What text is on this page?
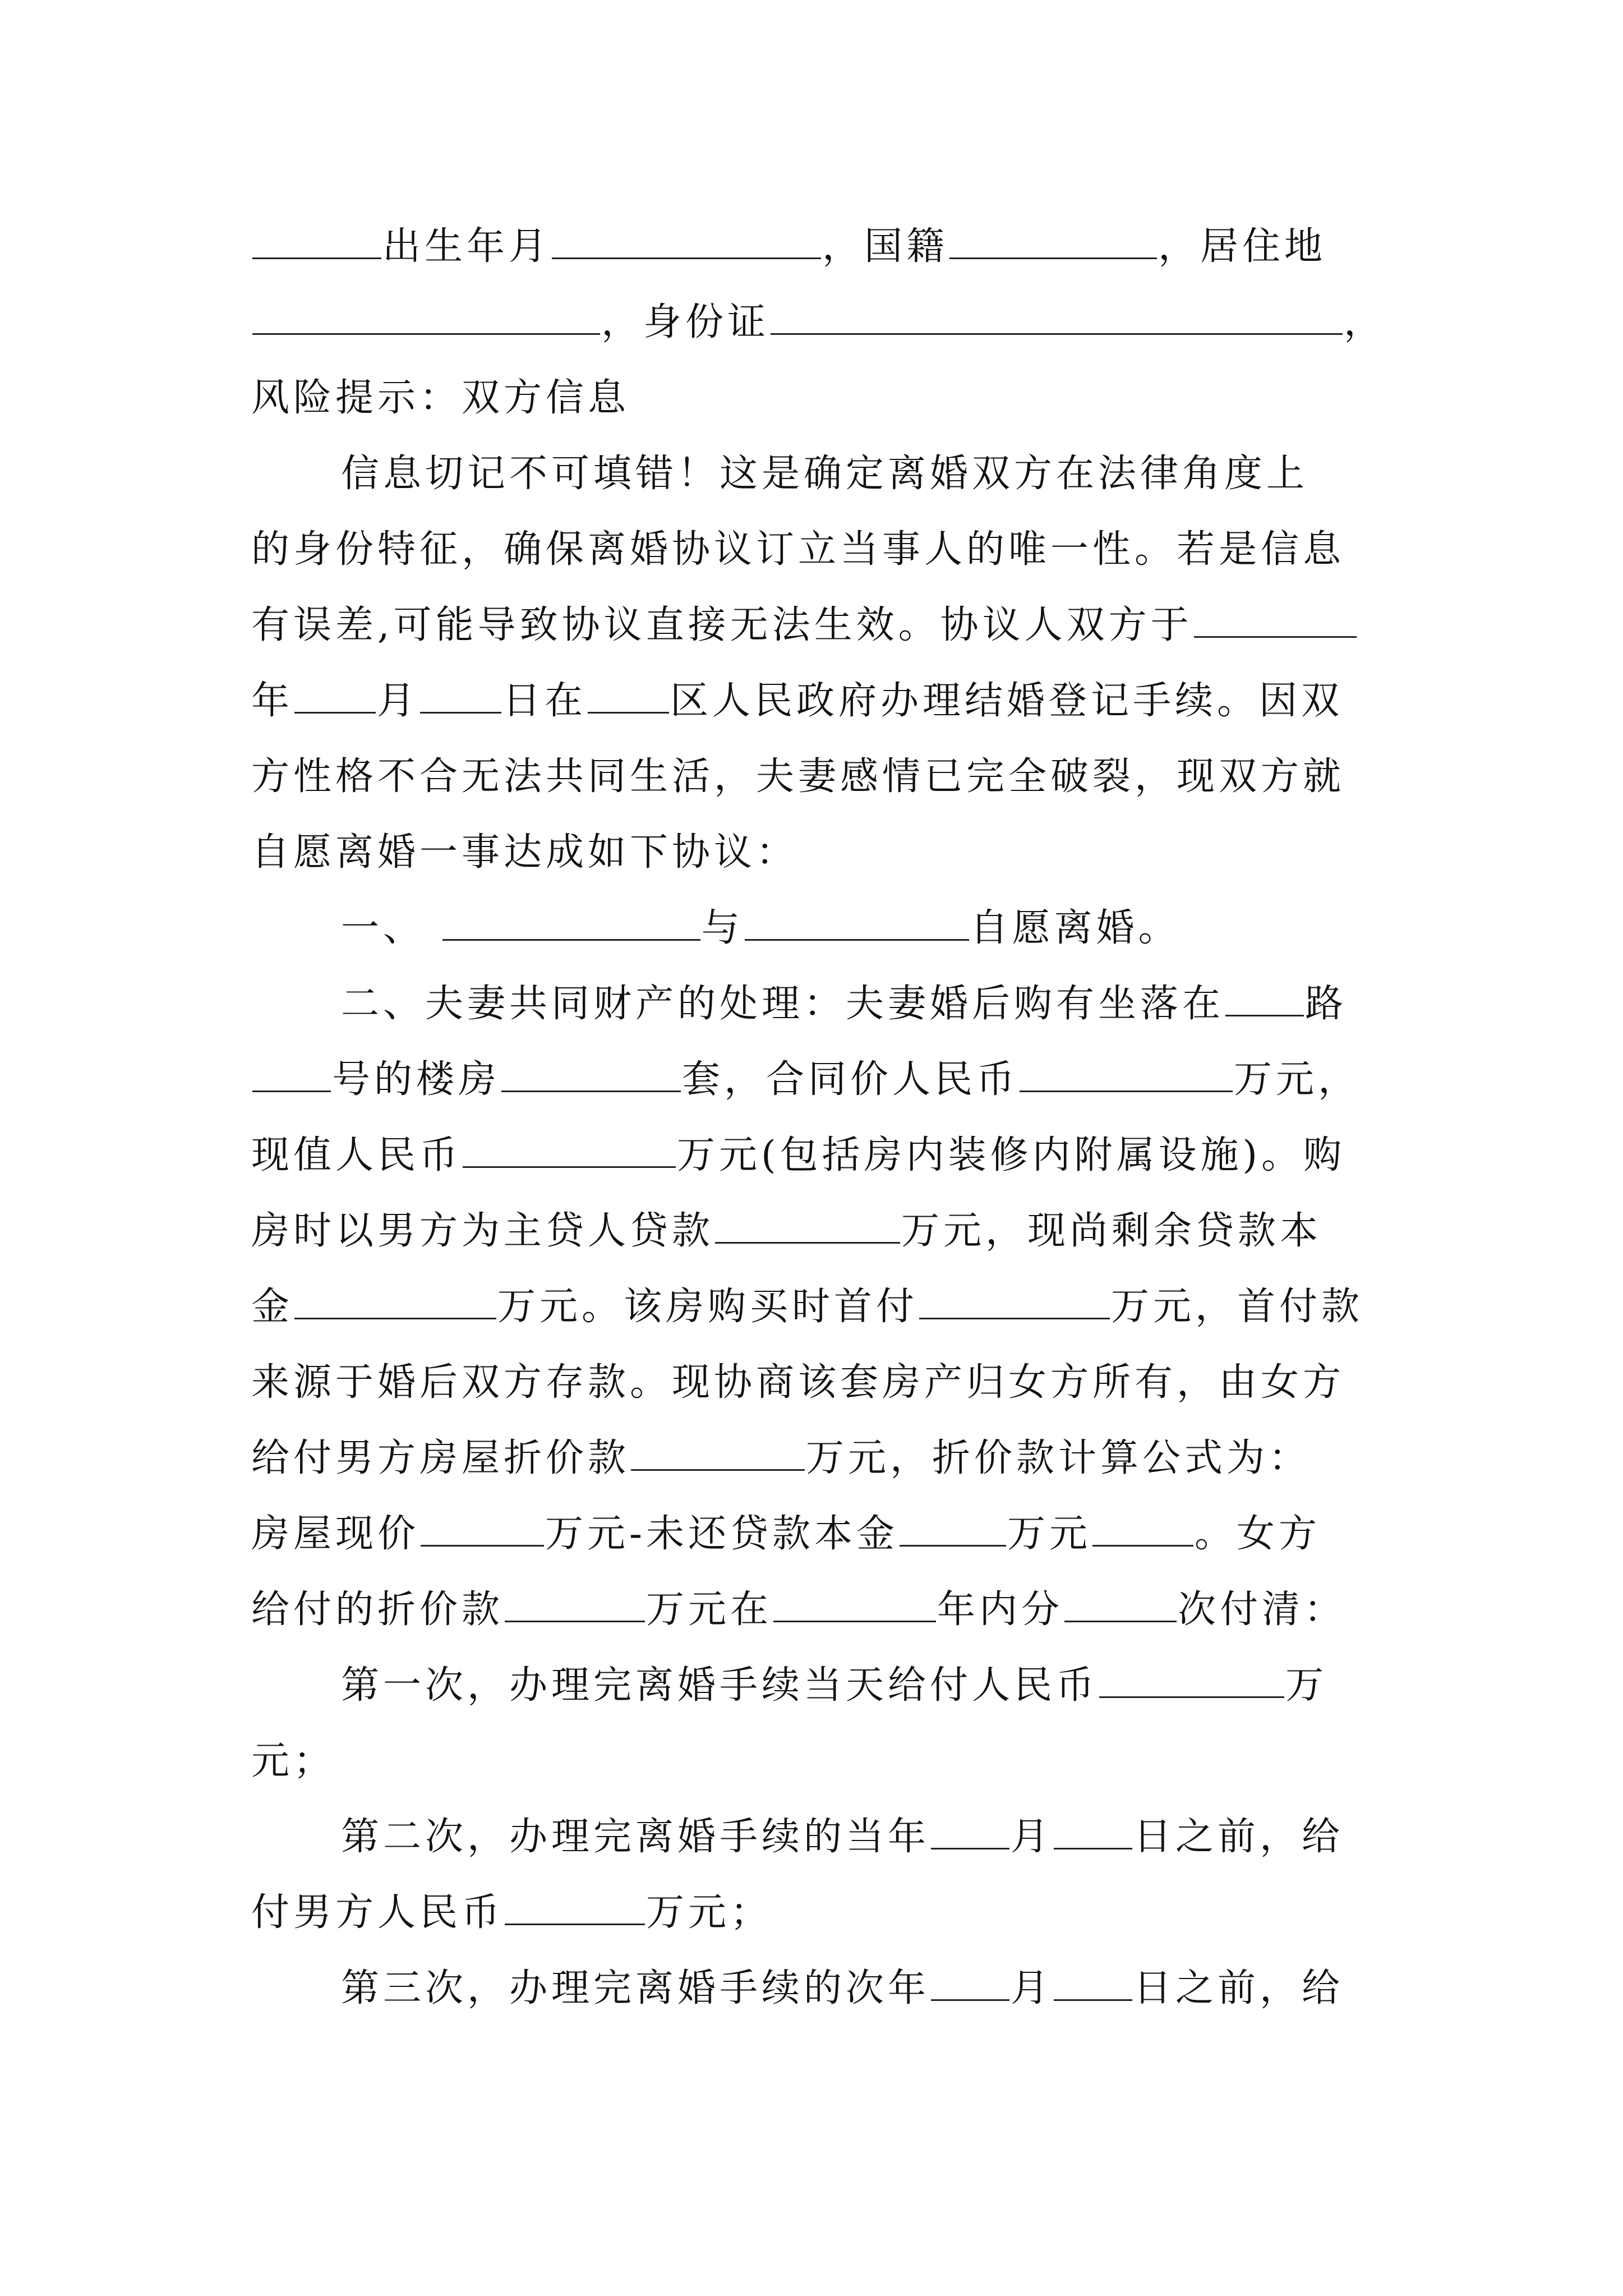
出生年月	，国籍	，居住地
，身份证	，
风险提示：双方信息
信息切记不可填错！这是确定离婚双方在法律角度上
的身份特征，确保离婚协议订立当事人的唯一性。若是信息
有误差,可能导致协议直接无法生效。协议人双方于
年 月 日在 区人民政府办理结婚登记手续。因双
方性格不合无法共同生活，夫妻感情已完全破裂，现双方就
自愿离婚一事达成如下协议：
一、	与	自愿离婚。
二、夫妻共同财产的处理：夫妻婚后购有坐落在 路
号的楼房	套，合同价人民币	万元，
现值人民币	万元(包括房内装修内附属设施)。购
房时以男方为主贷人贷款	万元，现尚剩余贷款本
金	万元。该房购买时首付	万元，首付款
来源于婚后双方存款。现协商该套房产归女方所有，由女方
给付男方房屋折价款	万元，折价款计算公式为：
房屋现价	万元-未还贷款本金	万元	。女方
给付的折价款	万元在	年内分	次付清：
第一次，办理完离婚手续当天给付人民币	万
元；
第二次，办理完离婚手续的当年 月 日之前，给
付男方人民币	万元；
第三次，办理完离婚手续的次年 月 日之前，给
